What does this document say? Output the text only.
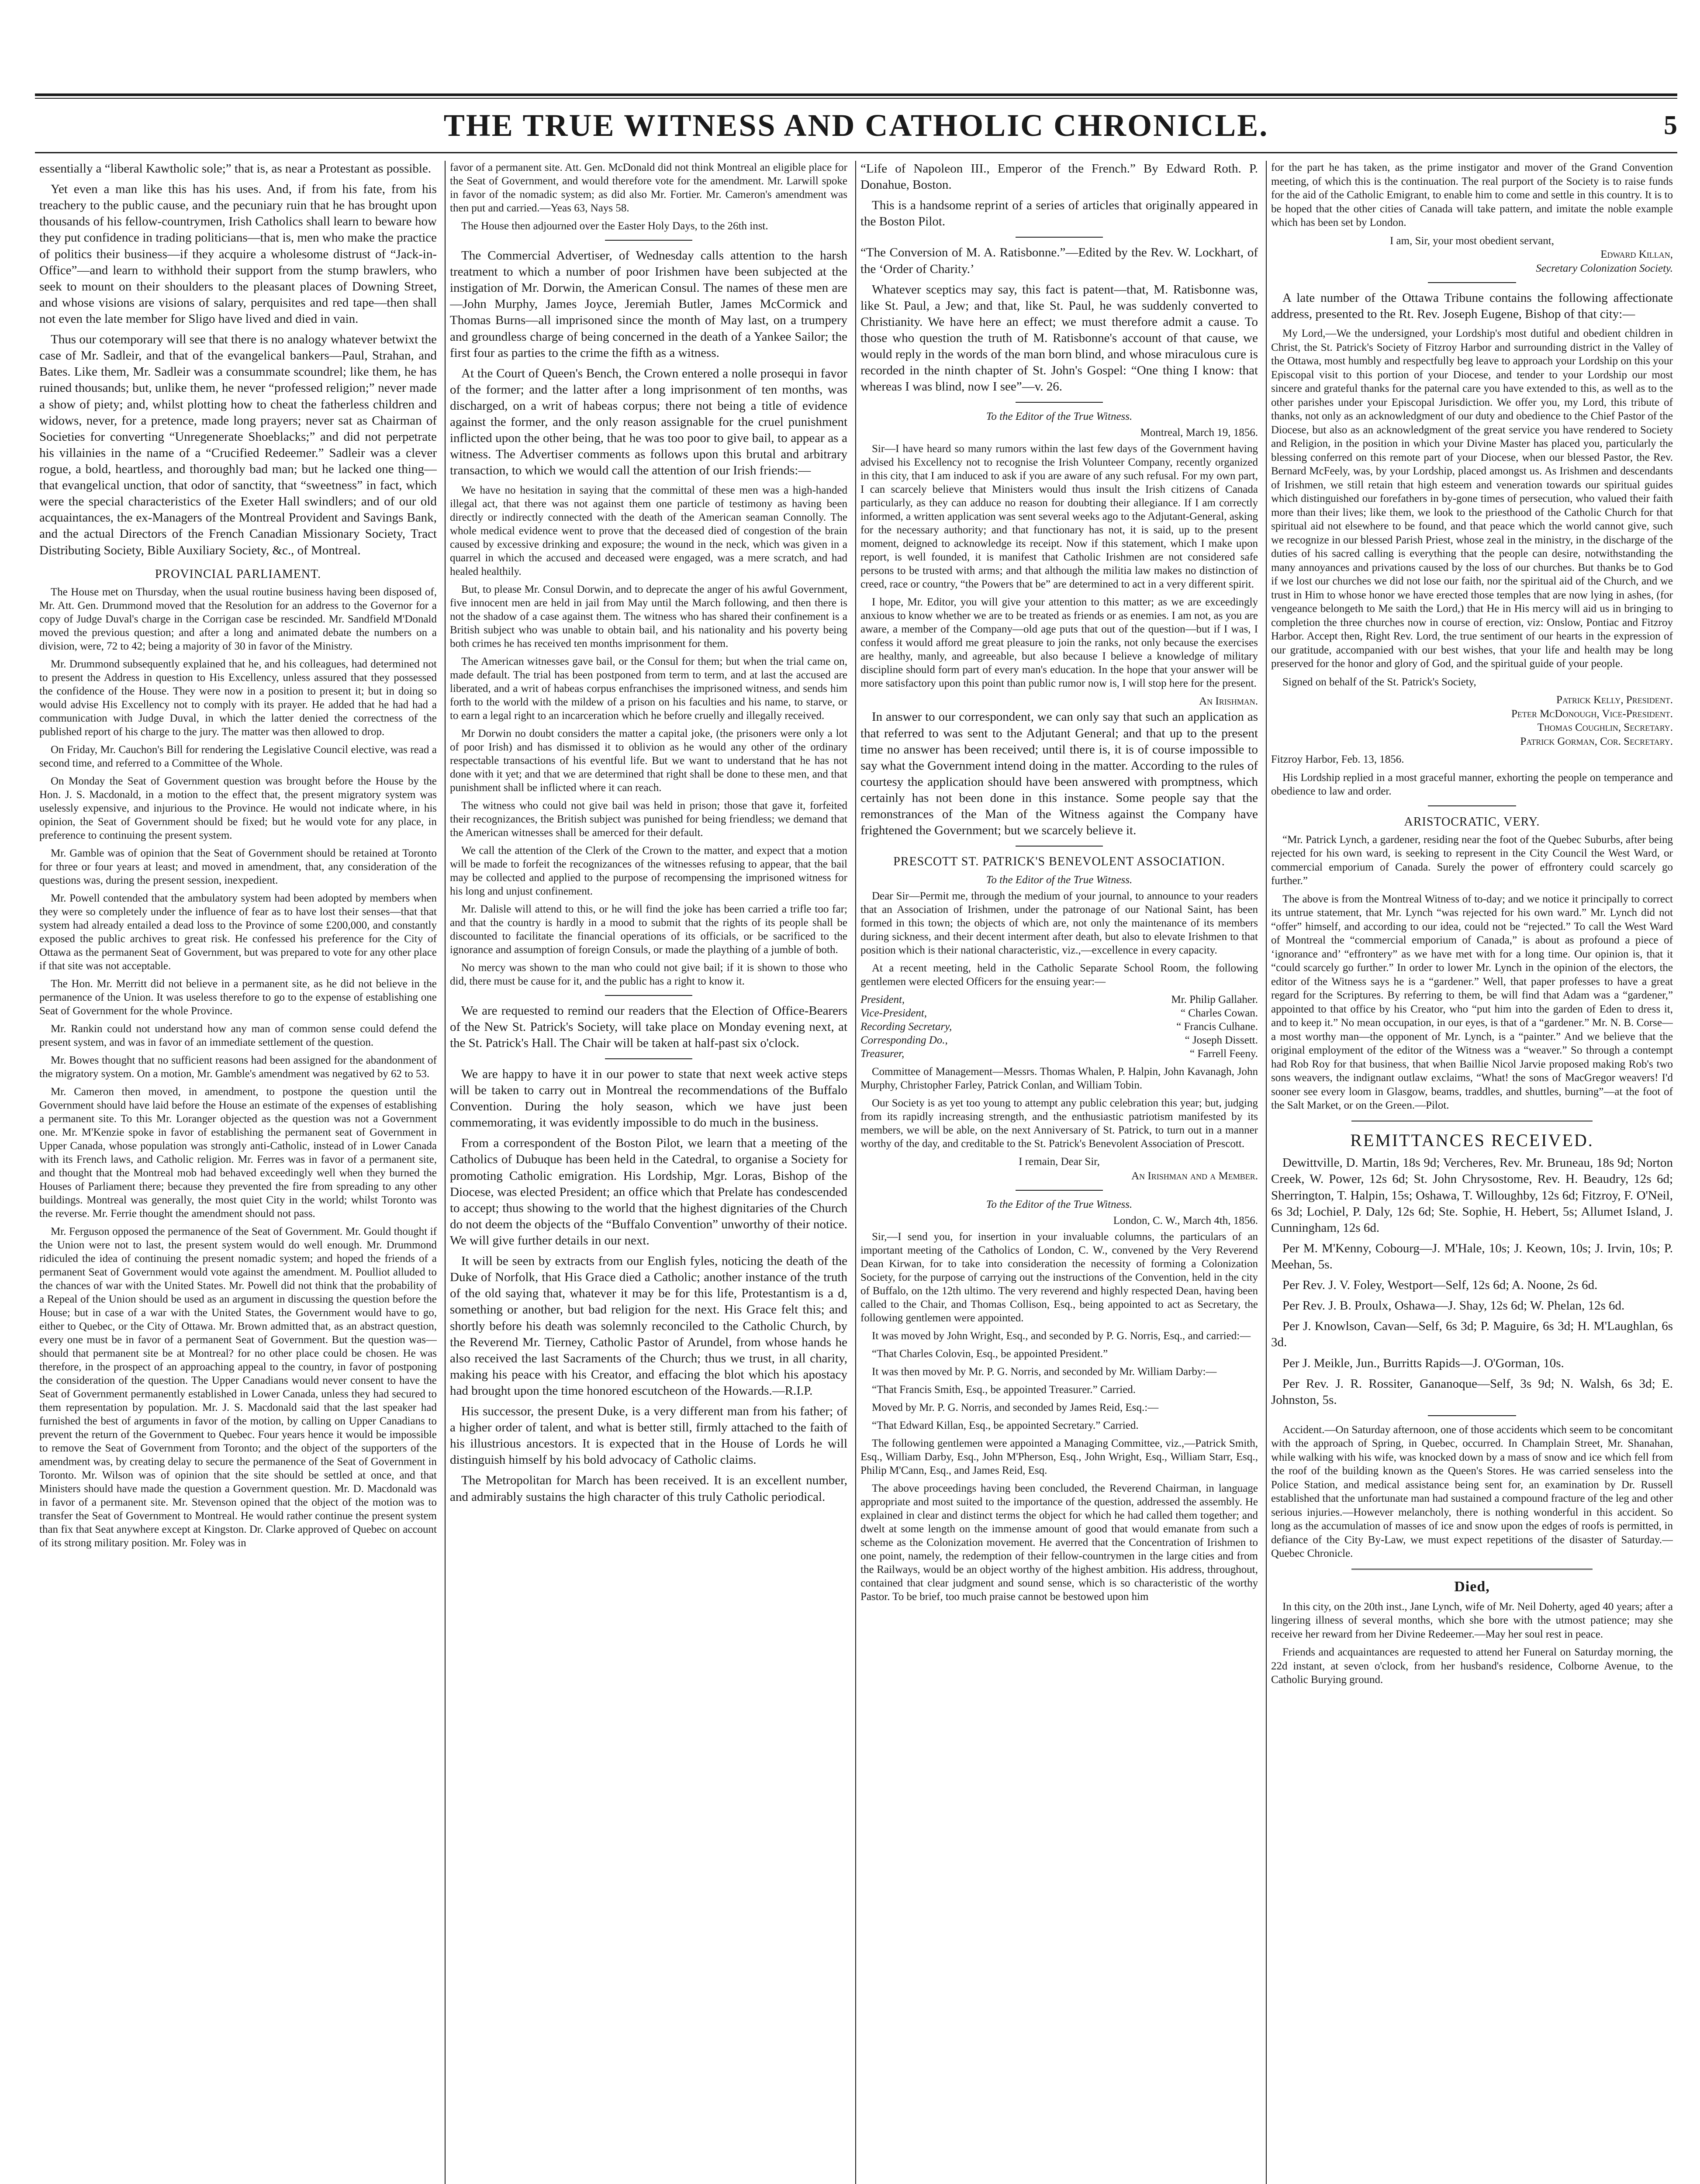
THE TRUE WITNESS AND CATHOLIC CHRONICLE.	5

essentially a “liberal Kawtholic sole;” that is, as near a Protestant as possible.

Yet even a man like this has his uses. And, if from his fate, from his treachery to the public cause, and the pecuniary ruin that he has brought upon thousands of his fellow-countrymen, Irish Catholics shall learn to beware how they put confidence in trading politicians—that is, men who make the practice of politics their business—if they acquire a wholesome distrust of “Jack-in-Office”—and learn to withhold their support from the stump brawlers, who seek to mount on their shoulders to the pleasant places of Downing Street, and whose visions are visions of salary, perquisites and red tape—then shall not even the late member for Sligo have lived and died in vain.

Thus our cotemporary will see that there is no analogy whatever betwixt the case of Mr. Sadleir, and that of the evangelical bankers—Paul, Strahan, and Bates. Like them, Mr. Sadleir was a consummate scoundrel; like them, he has ruined thousands; but, unlike them, he never “professed religion;” never made a show of piety; and, whilst plotting how to cheat the fatherless children and widows, never, for a pretence, made long prayers; never sat as Chairman of Societies for converting “Unregenerate Shoeblacks;” and did not perpetrate his villainies in the name of a “Crucified Redeemer.” Sadleir was a clever rogue, a bold, heartless, and thoroughly bad man; but he lacked one thing—that evangelical unction, that odor of sanctity, that “sweetness” in fact, which were the special characteristics of the Exeter Hall swindlers; and of our old acquaintances, the ex-Managers of the Montreal Provident and Savings Bank, and the actual Directors of the French Canadian Missionary Society, Tract Distributing Society, Bible Auxiliary Society, &c., of Montreal.

PROVINCIAL PARLIAMENT.

The House met on Thursday, when the usual routine business having been disposed of, Mr. Att. Gen. Drummond moved that the Resolution for an address to the Governor for a copy of Judge Duval's charge in the Corrigan case be rescinded. Mr. Sandfield M'Donald moved the previous question; and after a long and animated debate the numbers on a division, were, 72 to 42; being a majority of 30 in favor of the Ministry.

Mr. Drummond subsequently explained that he, and his colleagues, had determined not to present the Address in question to His Excellency, unless assured that they possessed the confidence of the House. They were now in a position to present it; but in doing so would advise His Excellency not to comply with its prayer. He added that he had had a communication with Judge Duval, in which the latter denied the correctness of the published report of his charge to the jury. The matter was then allowed to drop.

On Friday, Mr. Cauchon's Bill for rendering the Legislative Council elective, was read a second time, and referred to a Committee of the Whole.

On Monday the Seat of Government question was brought before the House by the Hon. J. S. Macdonald, in a motion to the effect that, the present migratory system was uselessly expensive, and injurious to the Province. He would not indicate where, in his opinion, the Seat of Government should be fixed; but he would vote for any place, in preference to continuing the present system.

Mr. Gamble was of opinion that the Seat of Government should be retained at Toronto for three or four years at least; and moved in amendment, that, any consideration of the questions was, during the present session, inexpedient.

Mr. Powell contended that the ambulatory system had been adopted by members when they were so completely under the influence of fear as to have lost their senses—that that system had already entailed a dead loss to the Province of some £200,000, and constantly exposed the public archives to great risk. He confessed his preference for the City of Ottawa as the permanent Seat of Government, but was prepared to vote for any other place if that site was not acceptable.

The Hon. Mr. Merritt did not believe in a permanent site, as he did not believe in the permanence of the Union. It was useless therefore to go to the expense of establishing one Seat of Government for the whole Province.

Mr. Rankin could not understand how any man of common sense could defend the present system, and was in favor of an immediate settlement of the question.

Mr. Bowes thought that no sufficient reasons had been assigned for the abandonment of the migratory system. On a motion, Mr. Gamble's amendment was negatived by 62 to 53.

Mr. Cameron then moved, in amendment, to postpone the question until the Government should have laid before the House an estimate of the expenses of establishing a permanent site. To this Mr. Loranger objected as the question was not a Government one. Mr. M'Kenzie spoke in favor of establishing the permanent seat of Government in Upper Canada, whose population was strongly anti-Catholic, instead of in Lower Canada with its French laws, and Catholic religion. Mr. Ferres was in favor of a permanent site, and thought that the Montreal mob had behaved exceedingly well when they burned the Houses of Parliament there; because they prevented the fire from spreading to any other buildings. Montreal was generally, the most quiet City in the world; whilst Toronto was the reverse. Mr. Ferrie thought the amendment should not pass.

Mr. Ferguson opposed the permanence of the Seat of Government. Mr. Gould thought if the Union were not to last, the present system would do well enough. Mr. Drummond ridiculed the idea of continuing the present nomadic system; and hoped the friends of a permanent Seat of Government would vote against the amendment. M. Poulliot alluded to the chances of war with the United States. Mr. Powell did not think that the probability of a Repeal of the Union should be used as an argument in discussing the question before the House; but in case of a war with the United States, the Government would have to go, either to Quebec, or the City of Ottawa. Mr. Brown admitted that, as an abstract question, every one must be in favor of a permanent Seat of Government. But the question was—should that permanent site be at Montreal? for no other place could be chosen. He was therefore, in the prospect of an approaching appeal to the country, in favor of postponing the consideration of the question. The Upper Canadians would never consent to have the Seat of Government permanently established in Lower Canada, unless they had secured to them representation by population. Mr. J. S. Macdonald said that the last speaker had furnished the best of arguments in favor of the motion, by calling on Upper Canadians to prevent the return of the Government to Quebec. Four years hence it would be impossible to remove the Seat of Government from Toronto; and the object of the supporters of the amendment was, by creating delay to secure the permanence of the Seat of Government in Toronto. Mr. Wilson was of opinion that the site should be settled at once, and that Ministers should have made the question a Government question. Mr. D. Macdonald was in favor of a permanent site. Mr. Stevenson opined that the object of the motion was to transfer the Seat of Government to Montreal. He would rather continue the present system than fix that Seat anywhere except at Kingston. Dr. Clarke approved of Quebec on account of its strong military position. Mr. Foley was in

favor of a permanent site. Att. Gen. McDonald did not think Montreal an eligible place for the Seat of Government, and would therefore vote for the amendment. Mr. Larwill spoke in favor of the nomadic system; as did also Mr. Fortier. Mr. Cameron's amendment was then put and carried.—Yeas 63, Nays 58.

The House then adjourned over the Easter Holy Days, to the 26th inst.

The Commercial Advertiser, of Wednesday calls attention to the harsh treatment to which a number of poor Irishmen have been subjected at the instigation of Mr. Dorwin, the American Consul. The names of these men are—John Murphy, James Joyce, Jeremiah Butler, James McCormick and Thomas Burns—all imprisoned since the month of May last, on a trumpery and groundless charge of being concerned in the death of a Yankee Sailor; the first four as parties to the crime the fifth as a witness.

At the Court of Queen's Bench, the Crown entered a nolle prosequi in favor of the former; and the latter after a long imprisonment of ten months, was discharged, on a writ of habeas corpus; there not being a title of evidence against the former, and the only reason assignable for the cruel punishment inflicted upon the other being, that he was too poor to give bail, to appear as a witness. The Advertiser comments as follows upon this brutal and arbitrary transaction, to which we would call the attention of our Irish friends:—

We have no hesitation in saying that the committal of these men was a high-handed illegal act, that there was not against them one particle of testimony as having been directly or indirectly connected with the death of the American seaman Connolly. The whole medical evidence went to prove that the deceased died of congestion of the brain caused by excessive drinking and exposure; the wound in the neck, which was given in a quarrel in which the accused and deceased were engaged, was a mere scratch, and had healed healthily.

But, to please Mr. Consul Dorwin, and to deprecate the anger of his awful Government, five innocent men are held in jail from May until the March following, and then there is not the shadow of a case against them. The witness who has shared their confinement is a British subject who was unable to obtain bail, and his nationality and his poverty being both crimes he has received ten months imprisonment for them.

The American witnesses gave bail, or the Consul for them; but when the trial came on, made default. The trial has been postponed from term to term, and at last the accused are liberated, and a writ of habeas corpus enfranchises the imprisoned witness, and sends him forth to the world with the mildew of a prison on his faculties and his name, to starve, or to earn a legal right to an incarceration which he before cruelly and illegally received.

Mr Dorwin no doubt considers the matter a capital joke, (the prisoners were only a lot of poor Irish) and has dismissed it to oblivion as he would any other of the ordinary respectable transactions of his eventful life. But we want to understand that he has not done with it yet; and that we are determined that right shall be done to these men, and that punishment shall be inflicted where it can reach.

The witness who could not give bail was held in prison; those that gave it, forfeited their recognizances, the British subject was punished for being friendless; we demand that the American witnesses shall be amerced for their default.

We call the attention of the Clerk of the Crown to the matter, and expect that a motion will be made to forfeit the recognizances of the witnesses refusing to appear, that the bail may be collected and applied to the purpose of recompensing the imprisoned witness for his long and unjust confinement.

Mr. Dalisle will attend to this, or he will find the joke has been carried a trifle too far; and that the country is hardly in a mood to submit that the rights of its people shall be discounted to facilitate the financial operations of its officials, or be sacrificed to the ignorance and assumption of foreign Consuls, or made the plaything of a jumble of both.

No mercy was shown to the man who could not give bail; if it is shown to those who did, there must be cause for it, and the public has a right to know it.

We are requested to remind our readers that the Election of Office-Bearers of the New St. Patrick's Society, will take place on Monday evening next, at the St. Patrick's Hall. The Chair will be taken at half-past six o'clock.

We are happy to have it in our power to state that next week active steps will be taken to carry out in Montreal the recommendations of the Buffalo Convention. During the holy season, which we have just been commemorating, it was evidently impossible to do much in the business.

From a correspondent of the Boston Pilot, we learn that a meeting of the Catholics of Dubuque has been held in the Catedral, to organise a Society for promoting Catholic emigration. His Lordship, Mgr. Loras, Bishop of the Diocese, was elected President; an office which that Prelate has condescended to accept; thus showing to the world that the highest dignitaries of the Church do not deem the objects of the “Buffalo Convention” unworthy of their notice. We will give further details in our next.

It will be seen by extracts from our English fyles, noticing the death of the Duke of Norfolk, that His Grace died a Catholic; another instance of the truth of the old saying that, whatever it may be for this life, Protestantism is a d, something or another, but bad religion for the next. His Grace felt this; and shortly before his death was solemnly reconciled to the Catholic Church, by the Reverend Mr. Tierney, Catholic Pastor of Arundel, from whose hands he also received the last Sacraments of the Church; thus we trust, in all charity, making his peace with his Creator, and effacing the blot which his apostacy had brought upon the time honored escutcheon of the Howards.—R.I.P.

His successor, the present Duke, is a very different man from his father; of a higher order of talent, and what is better still, firmly attached to the faith of his illustrious ancestors. It is expected that in the House of Lords he will distinguish himself by his bold advocacy of Catholic claims.

The Metropolitan for March has been received. It is an excellent number, and admirably sustains the high character of this truly Catholic periodical.

“Life of Napoleon III., Emperor of the French.” By Edward Roth. P. Donahue, Boston.

This is a handsome reprint of a series of articles that originally appeared in the Boston Pilot.

“The Conversion of M. A. Ratisbonne.”—Edited by the Rev. W. Lockhart, of the ‘Order of Charity.’

Whatever sceptics may say, this fact is patent—that, M. Ratisbonne was, like St. Paul, a Jew; and that, like St. Paul, he was suddenly converted to Christianity. We have here an effect; we must therefore admit a cause. To those who question the truth of M. Ratisbonne's account of that cause, we would reply in the words of the man born blind, and whose miraculous cure is recorded in the ninth chapter of St. John's Gospel: “One thing I know: that whereas I was blind, now I see”—v. 26.

To the Editor of the True Witness.
Montreal, March 19, 1856.

Sir—I have heard so many rumors within the last few days of the Government having advised his Excellency not to recognise the Irish Volunteer Company, recently organized in this city, that I am induced to ask if you are aware of any such refusal. For my own part, I can scarcely believe that Ministers would thus insult the Irish citizens of Canada particularly, as they can adduce no reason for doubting their allegiance. If I am correctly informed, a written application was sent several weeks ago to the Adjutant-General, asking for the necessary authority; and that functionary has not, it is said, up to the present moment, deigned to acknowledge its receipt. Now if this statement, which I make upon report, is well founded, it is manifest that Catholic Irishmen are not considered safe persons to be trusted with arms; and that although the militia law makes no distinction of creed, race or country, “the Powers that be” are determined to act in a very different spirit.

I hope, Mr. Editor, you will give your attention to this matter; as we are exceedingly anxious to know whether we are to be treated as friends or as enemies. I am not, as you are aware, a member of the Company—old age puts that out of the question—but if I was, I confess it would afford me great pleasure to join the ranks, not only because the exercises are healthy, manly, and agreeable, but also because I believe a knowledge of military discipline should form part of every man's education. In the hope that your answer will be more satisfactory upon this point than public rumor now is, I will stop here for the present.

An Irishman.

In answer to our correspondent, we can only say that such an application as that referred to was sent to the Adjutant General; and that up to the present time no answer has been received; until there is, it is of course impossible to say what the Government intend doing in the matter. According to the rules of courtesy the application should have been answered with promptness, which certainly has not been done in this instance. Some people say that the remonstrances of the Man of the Witness against the Company have frightened the Government; but we scarcely believe it.

PRESCOTT ST. PATRICK'S BENEVOLENT ASSOCIATION.
To the Editor of the True Witness.

Dear Sir—Permit me, through the medium of your journal, to announce to your readers that an Association of Irishmen, under the patronage of our National Saint, has been formed in this town; the objects of which are, not only the maintenance of its members during sickness, and their decent interment after death, but also to elevate Irishmen to that position which is their national characteristic, viz.,—excellence in every capacity.

At a recent meeting, held in the Catholic Separate School Room, the following gentlemen were elected Officers for the ensuing year:—

President,	Mr. Philip Gallaher.
Vice-President,	“ Charles Cowan.
Recording Secretary,	“ Francis Culhane.
Corresponding Do.,	“ Joseph Dissett.
Treasurer,	“ Farrell Feeny.

Committee of Management—Messrs. Thomas Whalen, P. Halpin, John Kavanagh, John Murphy, Christopher Farley, Patrick Conlan, and William Tobin.

Our Society is as yet too young to attempt any public celebration this year; but, judging from its rapidly increasing strength, and the enthusiastic patriotism manifested by its members, we will be able, on the next Anniversary of St. Patrick, to turn out in a manner worthy of the day, and creditable to the St. Patrick's Benevolent Association of Prescott.

I remain, Dear Sir,
An Irishman and a Member.
To the Editor of the True Witness.
London, C. W., March 4th, 1856.

Sir,—I send you, for insertion in your invaluable columns, the particulars of an important meeting of the Catholics of London, C. W., convened by the Very Reverend Dean Kirwan, for to take into consideration the necessity of forming a Colonization Society, for the purpose of carrying out the instructions of the Convention, held in the city of Buffalo, on the 12th ultimo. The very reverend and highly respected Dean, having been called to the Chair, and Thomas Collison, Esq., being appointed to act as Secretary, the following gentlemen were appointed.

It was moved by John Wright, Esq., and seconded by P. G. Norris, Esq., and carried:—

“That Charles Colovin, Esq., be appointed President.”

It was then moved by Mr. P. G. Norris, and seconded by Mr. William Darby:—

“That Francis Smith, Esq., be appointed Treasurer.” Carried.

Moved by Mr. P. G. Norris, and seconded by James Reid, Esq.:—

“That Edward Killan, Esq., be appointed Secretary.” Carried.

The following gentlemen were appointed a Managing Committee, viz.,—Patrick Smith, Esq., William Darby, Esq., John M'Pherson, Esq., John Wright, Esq., William Starr, Esq., Philip M'Cann, Esq., and James Reid, Esq.

The above proceedings having been concluded, the Reverend Chairman, in language appropriate and most suited to the importance of the question, addressed the assembly. He explained in clear and distinct terms the object for which he had called them together; and dwelt at some length on the immense amount of good that would emanate from such a scheme as the Colonization movement. He averred that the Concentration of Irishmen to one point, namely, the redemption of their fellow-countrymen in the large cities and from the Railways, would be an object worthy of the highest ambition. His address, throughout, contained that clear judgment and sound sense, which is so characteristic of the worthy Pastor. To be brief, too much praise cannot be bestowed upon him

for the part he has taken, as the prime instigator and mover of the Grand Convention meeting, of which this is the continuation. The real purport of the Society is to raise funds for the aid of the Catholic Emigrant, to enable him to come and settle in this country. It is to be hoped that the other cities of Canada will take pattern, and imitate the noble example which has been set by London.

I am, Sir, your most obedient servant,
Edward Killan,
Secretary Colonization Society.

A late number of the Ottawa Tribune contains the following affectionate address, presented to the Rt. Rev. Joseph Eugene, Bishop of that city:—

My Lord,—We the undersigned, your Lordship's most dutiful and obedient children in Christ, the St. Patrick's Society of Fitzroy Harbor and surrounding district in the Valley of the Ottawa, most humbly and respectfully beg leave to approach your Lordship on this your Episcopal visit to this portion of your Diocese, and tender to your Lordship our most sincere and grateful thanks for the paternal care you have extended to this, as well as to the other parishes under your Episcopal Jurisdiction. We offer you, my Lord, this tribute of thanks, not only as an acknowledgment of our duty and obedience to the Chief Pastor of the Diocese, but also as an acknowledgment of the great service you have rendered to Society and Religion, in the position in which your Divine Master has placed you, particularly the blessing conferred on this remote part of your Diocese, when our blessed Pastor, the Rev. Bernard McFeely, was, by your Lordship, placed amongst us. As Irishmen and descendants of Irishmen, we still retain that high esteem and veneration towards our spiritual guides which distinguished our forefathers in by-gone times of persecution, who valued their faith more than their lives; like them, we look to the priesthood of the Catholic Church for that spiritual aid not elsewhere to be found, and that peace which the world cannot give, such we recognize in our blessed Parish Priest, whose zeal in the ministry, in the discharge of the duties of his sacred calling is everything that the people can desire, notwithstanding the many annoyances and privations caused by the loss of our churches. But thanks be to God if we lost our churches we did not lose our faith, nor the spiritual aid of the Church, and we trust in Him to whose honor we have erected those temples that are now lying in ashes, (for vengeance belongeth to Me saith the Lord,) that He in His mercy will aid us in bringing to completion the three churches now in course of erection, viz: Onslow, Pontiac and Fitzroy Harbor. Accept then, Right Rev. Lord, the true sentiment of our hearts in the expression of our gratitude, accompanied with our best wishes, that your life and health may be long preserved for the honor and glory of God, and the spiritual guide of your people.

Signed on behalf of the St. Patrick's Society,

Patrick Kelly, President.
Peter McDonough, Vice-President.
Thomas Coughlin, Secretary.
Patrick Gorman, Cor. Secretary.

Fitzroy Harbor, Feb. 13, 1856.

His Lordship replied in a most graceful manner, exhorting the people on temperance and obedience to law and order.

ARISTOCRATIC, VERY.

“Mr. Patrick Lynch, a gardener, residing near the foot of the Quebec Suburbs, after being rejected for his own ward, is seeking to represent in the City Council the West Ward, or commercial emporium of Canada. Surely the power of effrontery could scarcely go further.”

The above is from the Montreal Witness of to-day; and we notice it principally to correct its untrue statement, that Mr. Lynch “was rejected for his own ward.” Mr. Lynch did not “offer” himself, and according to our idea, could not be “rejected.” To call the West Ward of Montreal the “commercial emporium of Canada,” is about as profound a piece of ‘ignorance and’ “effrontery” as we have met with for a long time. Our opinion is, that it “could scarcely go further.” In order to lower Mr. Lynch in the opinion of the electors, the editor of the Witness says he is a “gardener.” Well, that paper professes to have a great regard for the Scriptures. By referring to them, be will find that Adam was a “gardener,” appointed to that office by his Creator, who “put him into the garden of Eden to dress it, and to keep it.” No mean occupation, in our eyes, is that of a “gardener.” Mr. N. B. Corse—a most worthy man—the opponent of Mr. Lynch, is a “painter.” And we believe that the original employment of the editor of the Witness was a “weaver.” So through a contempt had Rob Roy for that business, that when Baillie Nicol Jarvie proposed making Rob's two sons weavers, the indignant outlaw exclaims, “What! the sons of MacGregor weavers! I'd sooner see every loom in Glasgow, beams, traddles, and shuttles, burning”—at the foot of the Salt Market, or on the Green.—Pilot.

REMITTANCES RECEIVED.

Dewittville, D. Martin, 18s 9d; Vercheres, Rev. Mr. Bruneau, 18s 9d; Norton Creek, W. Power, 12s 6d; St. John Chrysostome, Rev. H. Beaudry, 12s 6d; Sherrington, T. Halpin, 15s; Oshawa, T. Willoughby, 12s 6d; Fitzroy, F. O'Neil, 6s 3d; Lochiel, P. Daly, 12s 6d; Ste. Sophie, H. Hebert, 5s; Allumet Island, J. Cunningham, 12s 6d.

Per M. M'Kenny, Cobourg—J. M'Hale, 10s; J. Keown, 10s; J. Irvin, 10s; P. Meehan, 5s.

Per Rev. J. V. Foley, Westport—Self, 12s 6d; A. Noone, 2s 6d.

Per Rev. J. B. Proulx, Oshawa—J. Shay, 12s 6d; W. Phelan, 12s 6d.

Per J. Knowlson, Cavan—Self, 6s 3d; P. Maguire, 6s 3d; H. M'Laughlan, 6s 3d.

Per J. Meikle, Jun., Burritts Rapids—J. O'Gorman, 10s.

Per Rev. J. R. Rossiter, Gananoque—Self, 3s 9d; N. Walsh, 6s 3d; E. Johnston, 5s.

Accident.—On Saturday afternoon, one of those accidents which seem to be concomitant with the approach of Spring, in Quebec, occurred. In Champlain Street, Mr. Shanahan, while walking with his wife, was knocked down by a mass of snow and ice which fell from the roof of the building known as the Queen's Stores. He was carried senseless into the Police Station, and medical assistance being sent for, an examination by Dr. Russell established that the unfortunate man had sustained a compound fracture of the leg and other serious injuries.—However melancholy, there is nothing wonderful in this accident. So long as the accumulation of masses of ice and snow upon the edges of roofs is permitted, in defiance of the City By-Law, we must expect repetitions of the disaster of Saturday.—Quebec Chronicle.

Died,

In this city, on the 20th inst., Jane Lynch, wife of Mr. Neil Doherty, aged 40 years; after a lingering illness of several months, which she bore with the utmost patience; may she receive her reward from her Divine Redeemer.—May her soul rest in peace.

Friends and acquaintances are requested to attend her Funeral on Saturday morning, the 22d instant, at seven o'clock, from her husband's residence, Colborne Avenue, to the Catholic Burying ground.
